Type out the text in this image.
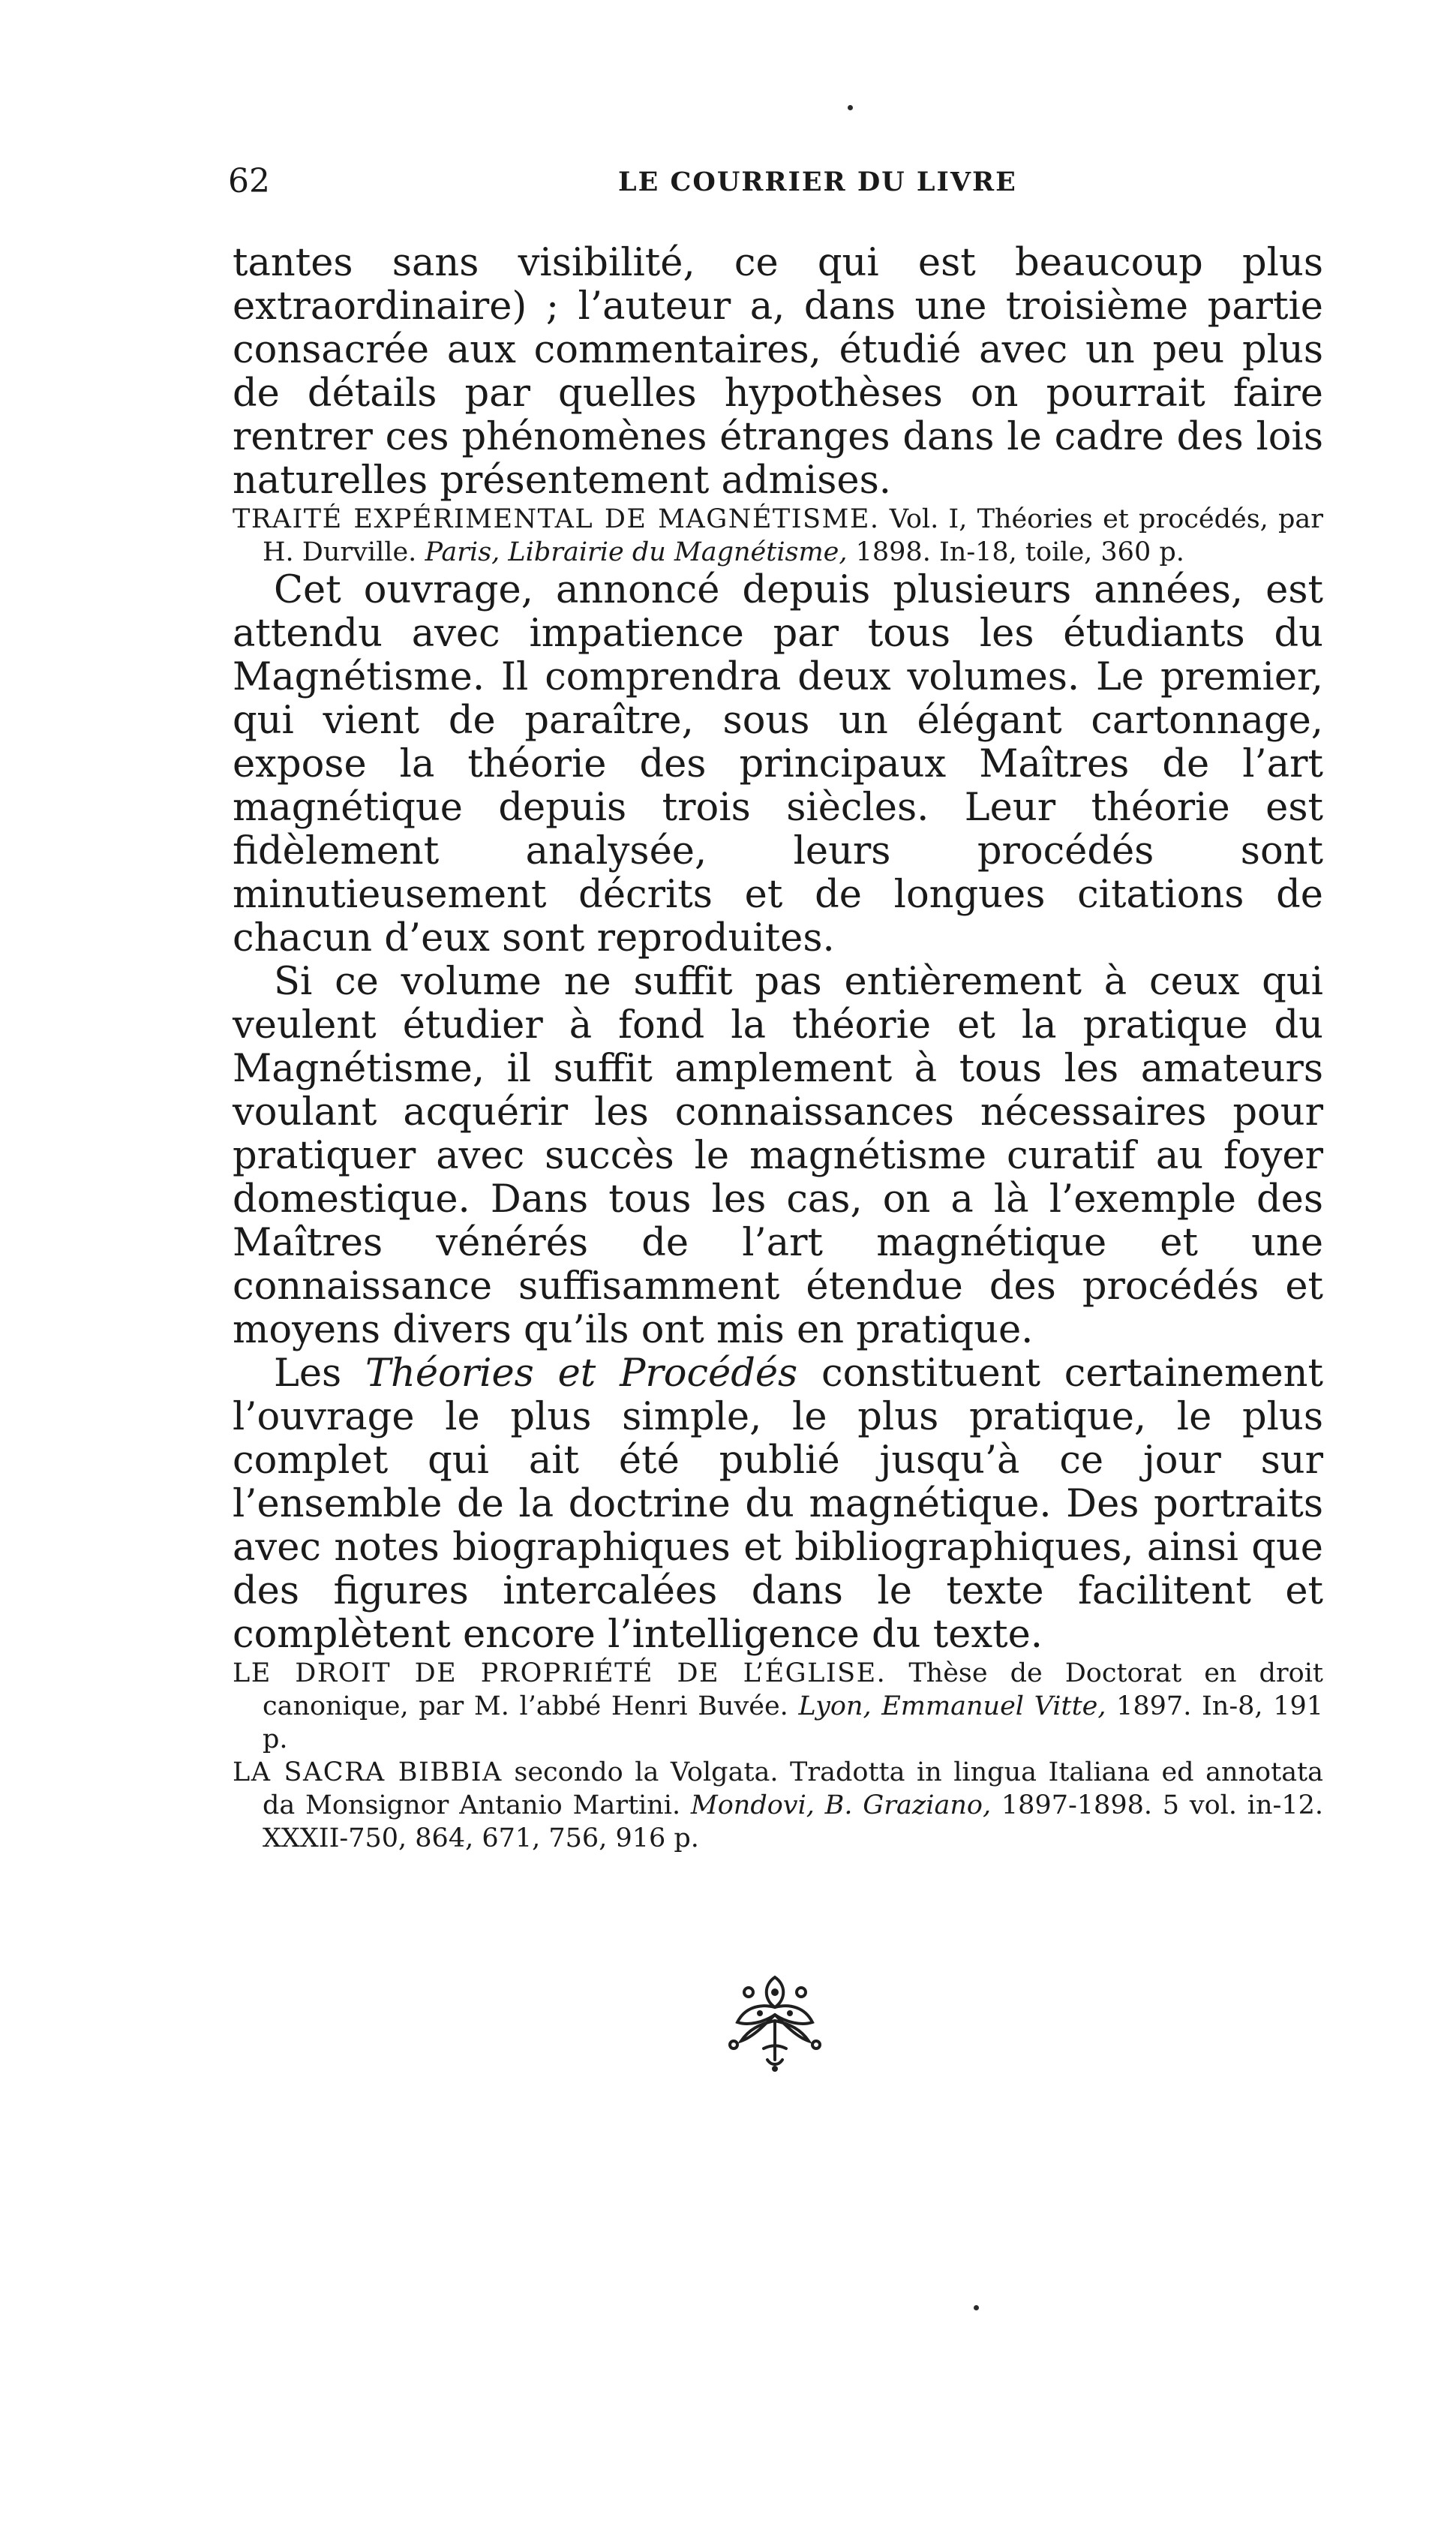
62	LE COURRIER DU LIVRE

tantes sans visibilité, ce qui est beaucoup plus extraordinaire) ; l’auteur a, dans une troisième partie consacrée aux commentaires, étudié avec un peu plus de détails par quelles hypothèses on pourrait faire rentrer ces phénomènes étranges dans le cadre des lois naturelles présentement admises.

TRAITÉ EXPÉRIMENTAL DE MAGNÉTISME. Vol. I, Théories et procédés, par H. Durville. Paris, Librairie du Magnétisme, 1898. In-18, toile, 360 p.

Cet ouvrage, annoncé depuis plusieurs années, est attendu avec impatience par tous les étudiants du Magnétisme. Il comprendra deux volumes. Le premier, qui vient de paraître, sous un élégant cartonnage, expose la théorie des principaux Maîtres de l’art magnétique depuis trois siècles. Leur théorie est fidèlement analysée, leurs procédés sont minutieusement décrits et de longues citations de chacun d’eux sont reproduites.

Si ce volume ne suffit pas entièrement à ceux qui veulent étudier à fond la théorie et la pratique du Magnétisme, il suffit amplement à tous les amateurs voulant acquérir les connaissances nécessaires pour pratiquer avec succès le magnétisme curatif au foyer domestique. Dans tous les cas, on a là l’exemple des Maîtres vénérés de l’art magnétique et une connaissance suffisamment étendue des procédés et moyens divers qu’ils ont mis en pratique.

Les Théories et Procédés constituent certainement l’ouvrage le plus simple, le plus pratique, le plus complet qui ait été publié jusqu’à ce jour sur l’ensemble de la doctrine du magnétique. Des portraits avec notes biographiques et bibliographiques, ainsi que des figures intercalées dans le texte facilitent et complètent encore l’intelligence du texte.

LE DROIT DE PROPRIÉTÉ DE L’ÉGLISE. Thèse de Doctorat en droit canonique, par M. l’abbé Henri Buvée. Lyon, Emmanuel Vitte, 1897. In-8, 191 p.

LA SACRA BIBBIA secondo la Volgata. Tradotta in lingua Italiana ed annotata da Monsignor Antanio Martini. Mondovi, B. Graziano, 1897-1898. 5 vol. in-12. XXXII-750, 864, 671, 756, 916 p.
